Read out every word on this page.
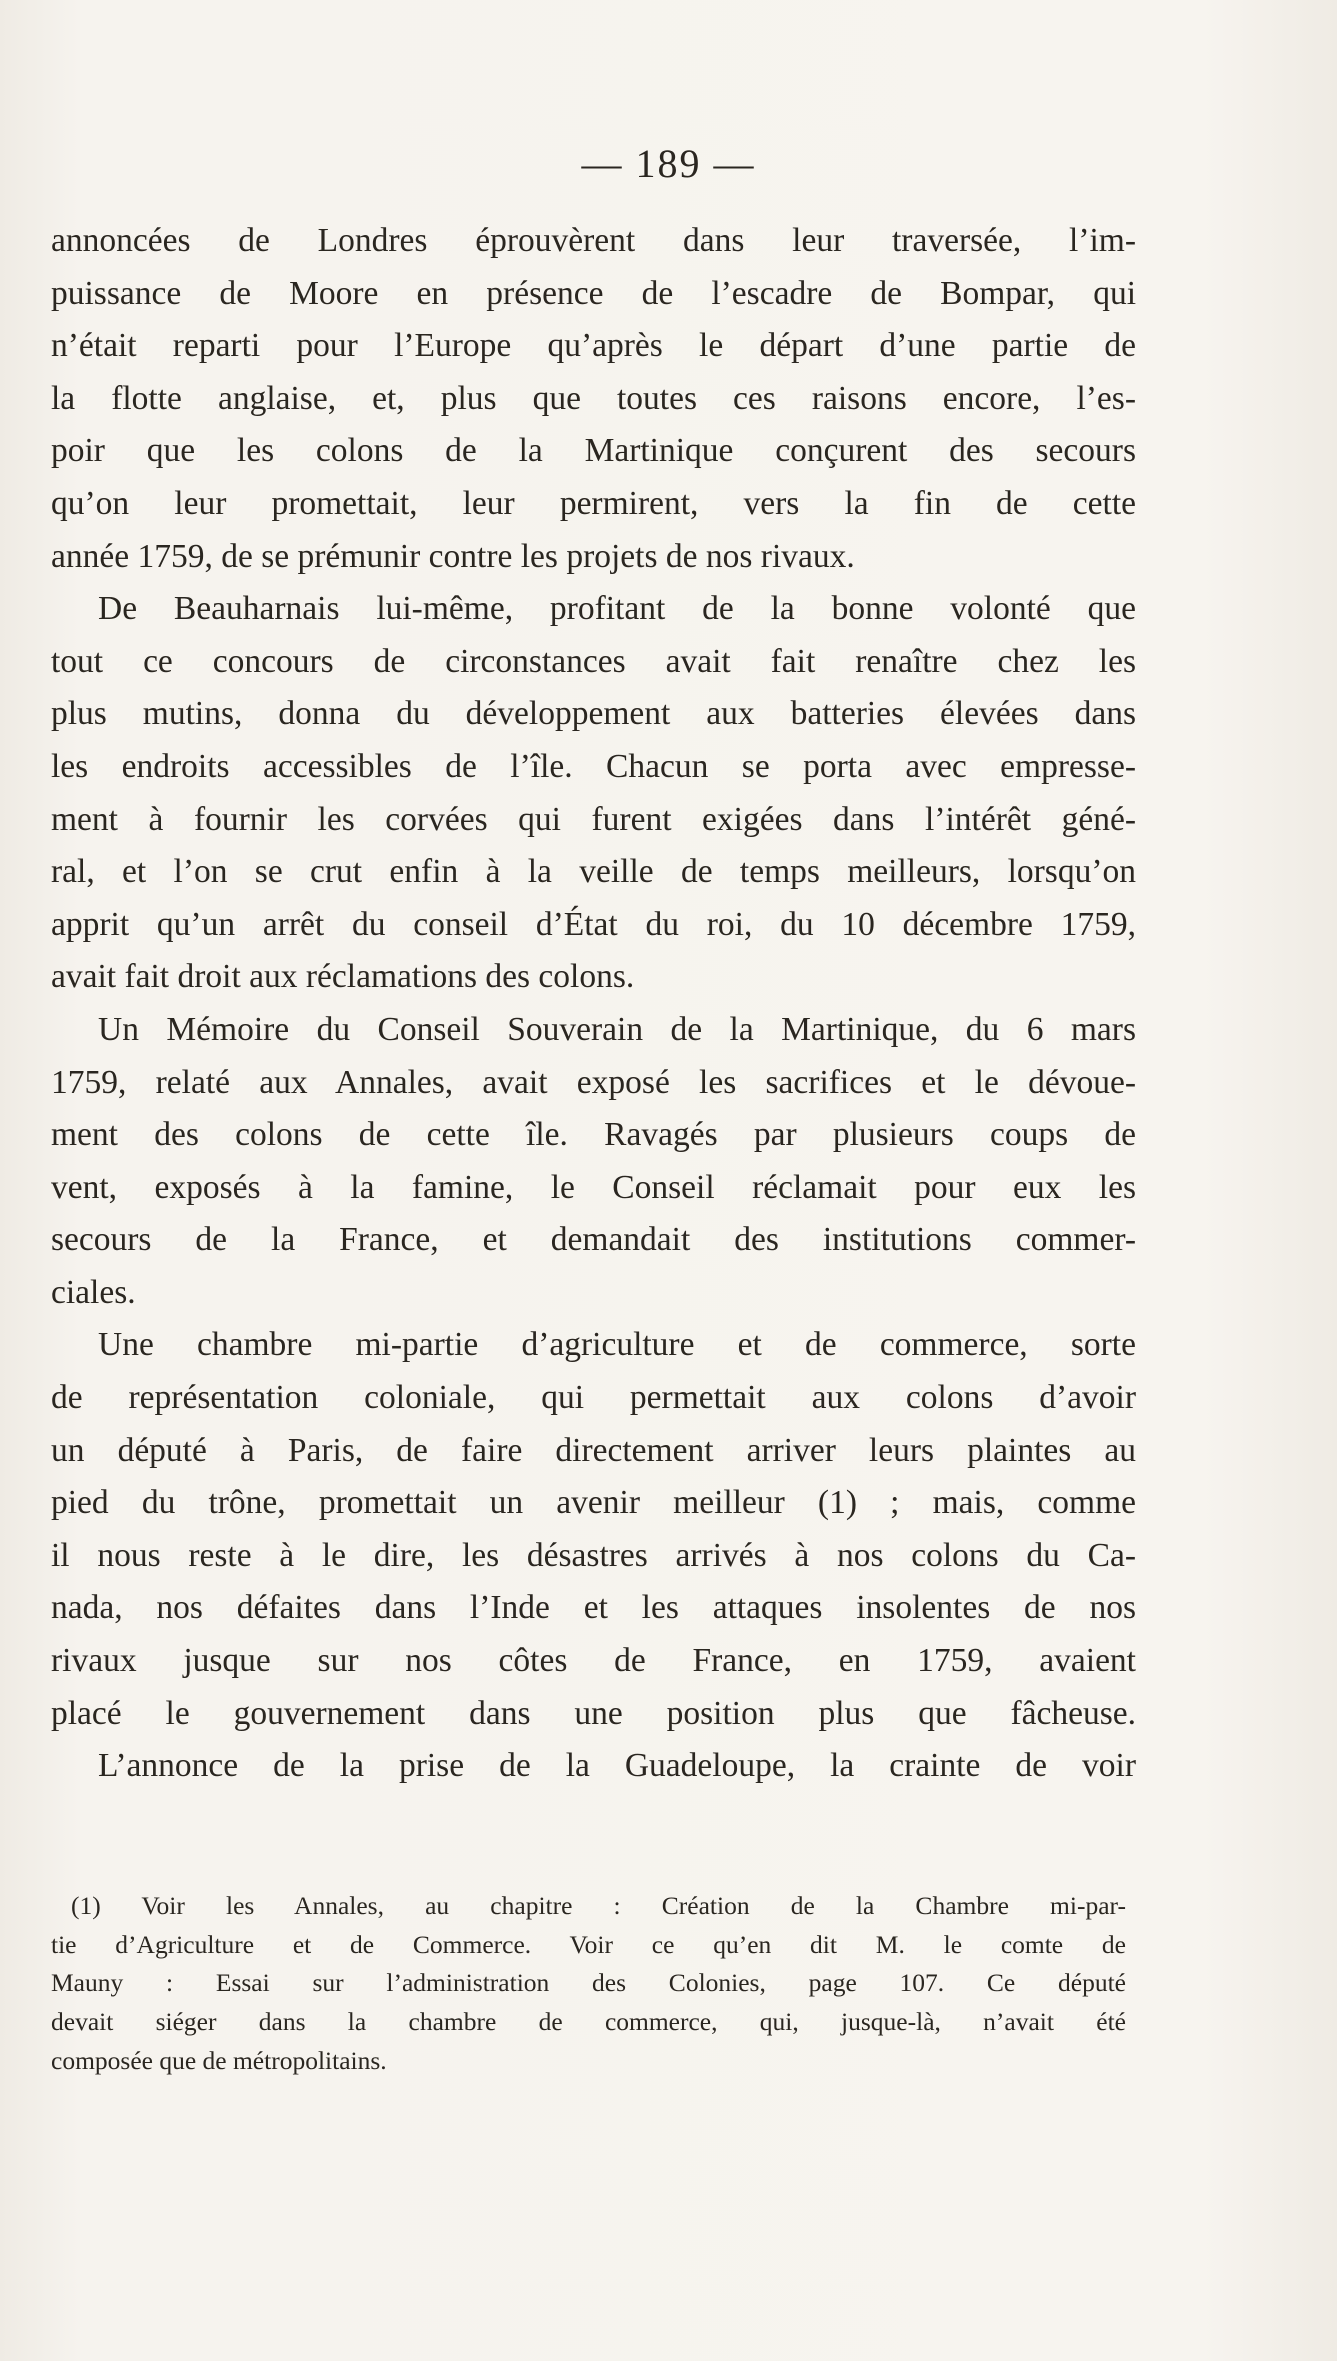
— 189 —
annoncées de Londres éprouvèrent dans leur traversée, l’im-
puissance de Moore en présence de l’escadre de Bompar, qui
n’était reparti pour l’Europe qu’après le départ d’une partie de
la flotte anglaise, et, plus que toutes ces raisons encore, l’es-
poir que les colons de la Martinique conçurent des secours
qu’on leur promettait, leur permirent, vers la fin de cette
année 1759, de se prémunir contre les projets de nos rivaux.
De Beauharnais lui-même, profitant de la bonne volonté que
tout ce concours de circonstances avait fait renaître chez les
plus mutins, donna du développement aux batteries élevées dans
les endroits accessibles de l’île. Chacun se porta avec empresse-
ment à fournir les corvées qui furent exigées dans l’intérêt géné-
ral, et l’on se crut enfin à la veille de temps meilleurs, lorsqu’on
apprit qu’un arrêt du conseil d’État du roi, du 10 décembre 1759,
avait fait droit aux réclamations des colons.
Un Mémoire du Conseil Souverain de la Martinique, du 6 mars
1759, relaté aux Annales, avait exposé les sacrifices et le dévoue-
ment des colons de cette île. Ravagés par plusieurs coups de
vent, exposés à la famine, le Conseil réclamait pour eux les
secours de la France, et demandait des institutions commer-
ciales.
Une chambre mi-partie d’agriculture et de commerce, sorte
de représentation coloniale, qui permettait aux colons d’avoir
un député à Paris, de faire directement arriver leurs plaintes au
pied du trône, promettait un avenir meilleur (1) ; mais, comme
il nous reste à le dire, les désastres arrivés à nos colons du Ca-
nada, nos défaites dans l’Inde et les attaques insolentes de nos
rivaux jusque sur nos côtes de France, en 1759, avaient
placé le gouvernement dans une position plus que fâcheuse.
L’annonce de la prise de la Guadeloupe, la crainte de voir
(1) Voir les Annales, au chapitre : Création de la Chambre mi-par-
tie d’Agriculture et de Commerce. Voir ce qu’en dit M. le comte de
Mauny : Essai sur l’administration des Colonies, page 107. Ce député
devait siéger dans la chambre de commerce, qui, jusque-là, n’avait été
composée que de métropolitains.
